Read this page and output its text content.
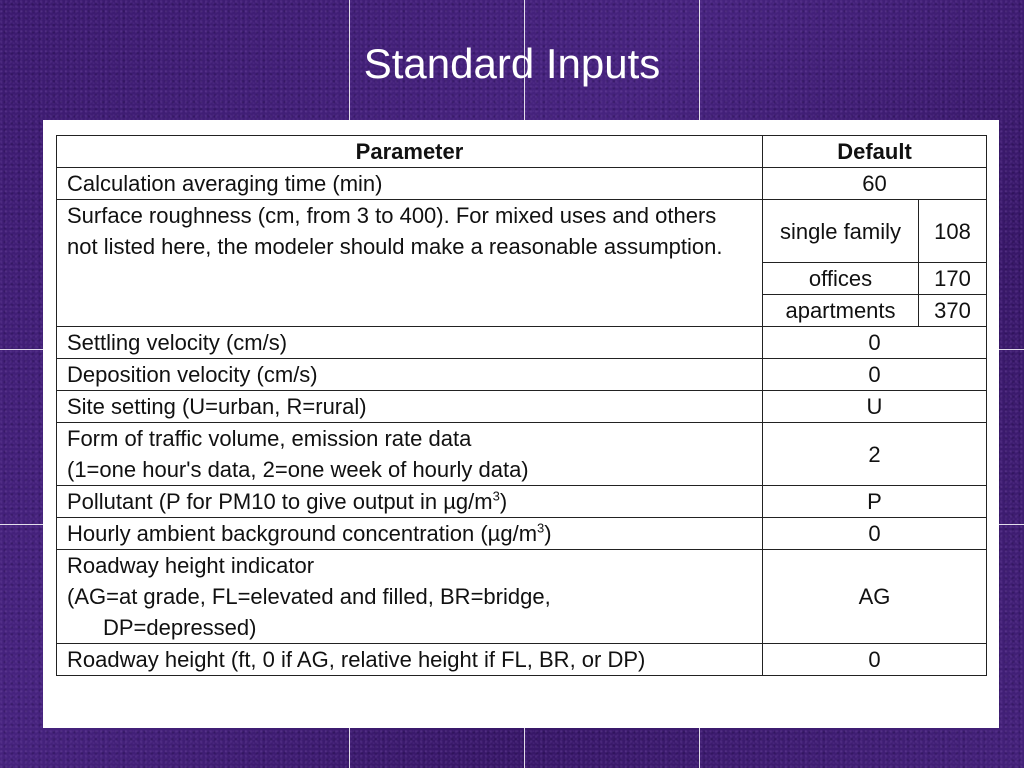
Standard Inputs
Parameter	Default	
Calculation averaging time (min)	60	
Surface roughness (cm, from 3 to 400). For mixed uses and others not listed here, the modeler should make a reasonable assumption.	single family	108
	offices	170
	apartments	370
Settling velocity (cm/s)	0	
Deposition velocity (cm/s)	0	
Site setting (U=urban, R=rural)	U	

Form of traffic volume, emission rate data
(1=one hour's data, 2=one week of hourly data)	2	
Pollutant (P for PM10 to give output in $\mu g/m^3$)	P	
Hourly ambient background concentration $(\mu g/m^3)$	0	

Roadway height indicator
(AG=at grade, FL=elevated and filled, BR=bridge,
DP=depressed)	AG	
Roadway height (ft, 0 if AG, relative height if FL, BR, or DP)	0	
